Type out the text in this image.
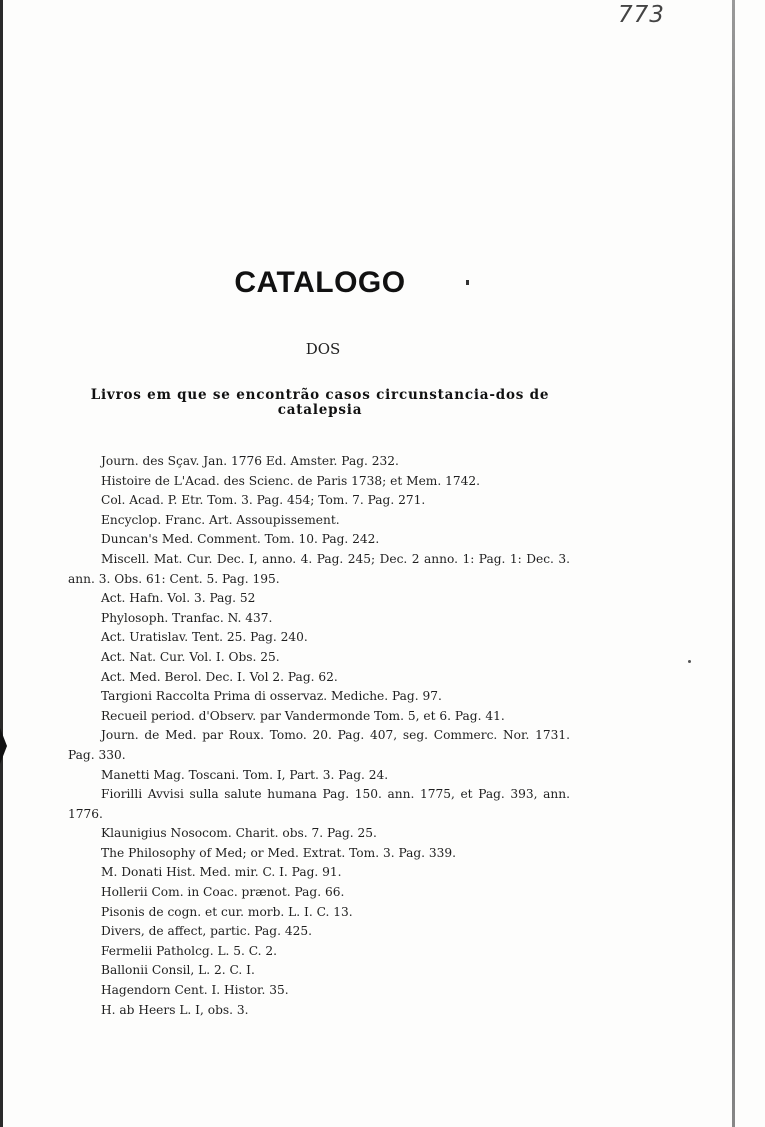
773
CATALOGO
DOS
Livros em que se encontrão casos circunstancia-dos de catalepsia
Journ. des Sçav. Jan. 1776 Ed. Amster. Pag. 232.
Histoire de L'Acad. des Scienc. de Paris 1738; et Mem. 1742.
Col. Acad. P. Etr. Tom. 3. Pag. 454; Tom. 7. Pag. 271.
Encyclop. Franc. Art. Assoupissement.
Duncan's Med. Comment. Tom. 10. Pag. 242.
Miscell. Mat. Cur. Dec. I, anno. 4. Pag. 245; Dec. 2 anno. 1: Pag. 1: Dec. 3. ann. 3. Obs. 61: Cent. 5. Pag. 195.
Act. Hafn. Vol. 3. Pag. 52
Phylosoph. Tranfac. N. 437.
Act. Uratislav. Tent. 25. Pag. 240.
Act. Nat. Cur. Vol. I. Obs. 25.
Act. Med. Berol. Dec. I. Vol 2. Pag. 62.
Targioni Raccolta Prima di osservaz. Mediche. Pag. 97.
Recueil period. d'Observ. par Vandermonde Tom. 5, et 6. Pag. 41.
Journ. de Med. par Roux. Tomo. 20. Pag. 407, seg. Commerc. Nor. 1731. Pag. 330.
Manetti Mag. Toscani. Tom. I, Part. 3. Pag. 24.
Fiorilli Avvisi sulla salute humana Pag. 150. ann. 1775, et Pag. 393, ann. 1776.
Klaunigius Nosocom. Charit. obs. 7. Pag. 25.
The Philosophy of Med; or Med. Extrat. Tom. 3. Pag. 339.
M. Donati Hist. Med. mir. C. I. Pag. 91.
Hollerii Com. in Coac. prænot. Pag. 66.
Pisonis de cogn. et cur. morb. L. I. C. 13.
Divers, de affect, partic. Pag. 425.
Fermelii Patholcg. L. 5. C. 2.
Ballonii Consil, L. 2. C. I.
Hagendorn Cent. I. Histor. 35.
H. ab Heers L. I, obs. 3.
